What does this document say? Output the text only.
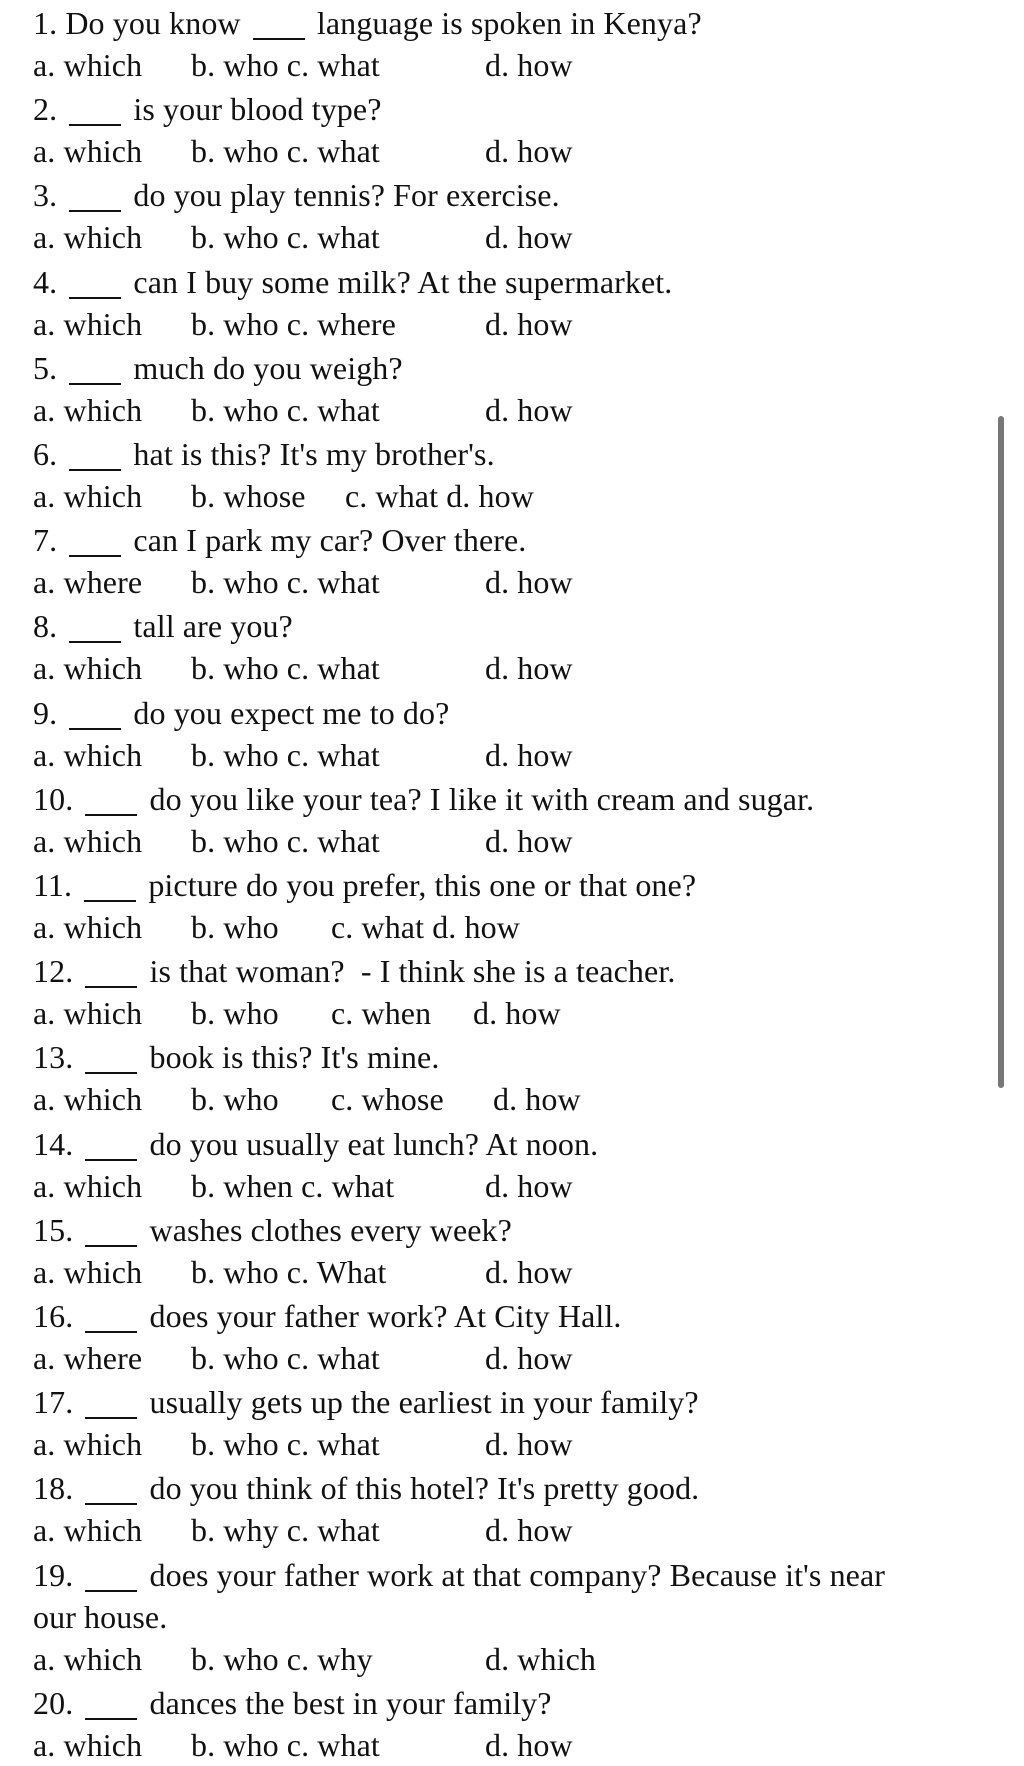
1. Do you know  language is spoken in Kenya?
a. which b. who c. what	d. how
2.  is your blood type?
a. which b. who c. what	d. how
3.  do you play tennis? For exercise.
a. which b. who c. what	d. how
4.  can I buy some milk? At the supermarket.
a. which b. who c. where	d. how
5.  much do you weigh?
a. which b. who c. what	d. how
6.  hat is this? It's my brother's.
a. which b. whose c. what d. how
7.  can I park my car? Over there.
a. where b. who c. what	d. how
8.  tall are you?
a. which b. who c. what	d. how
9.  do you expect me to do?
a. which b. who c. what	d. how
10.  do you like your tea? I like it with cream and sugar.
a. which b. who c. what	d. how
11.  picture do you prefer, this one or that one?
a. which b. who c. what d. how
12.  is that woman?  - I think she is a teacher.
a. which b. who c. when d. how
13.  book is this? It's mine.
a. which b. who c. whose d. how
14.  do you usually eat lunch? At noon.
a. which b. when c. what	d. how
15.  washes clothes every week?
a. which b. who c. What	d. how
16.  does your father work? At City Hall.
a. where b. who c. what	d. how
17.  usually gets up the earliest in your family?
a. which b. who c. what	d. how
18.  do you think of this hotel? It's pretty good.
a. which b. why c. what	d. how
19.  does your father work at that company? Because it's near
our house.
a. which b. who c. why	d. which
20.  dances the best in your family?
a. which b. who c. what	d. how
